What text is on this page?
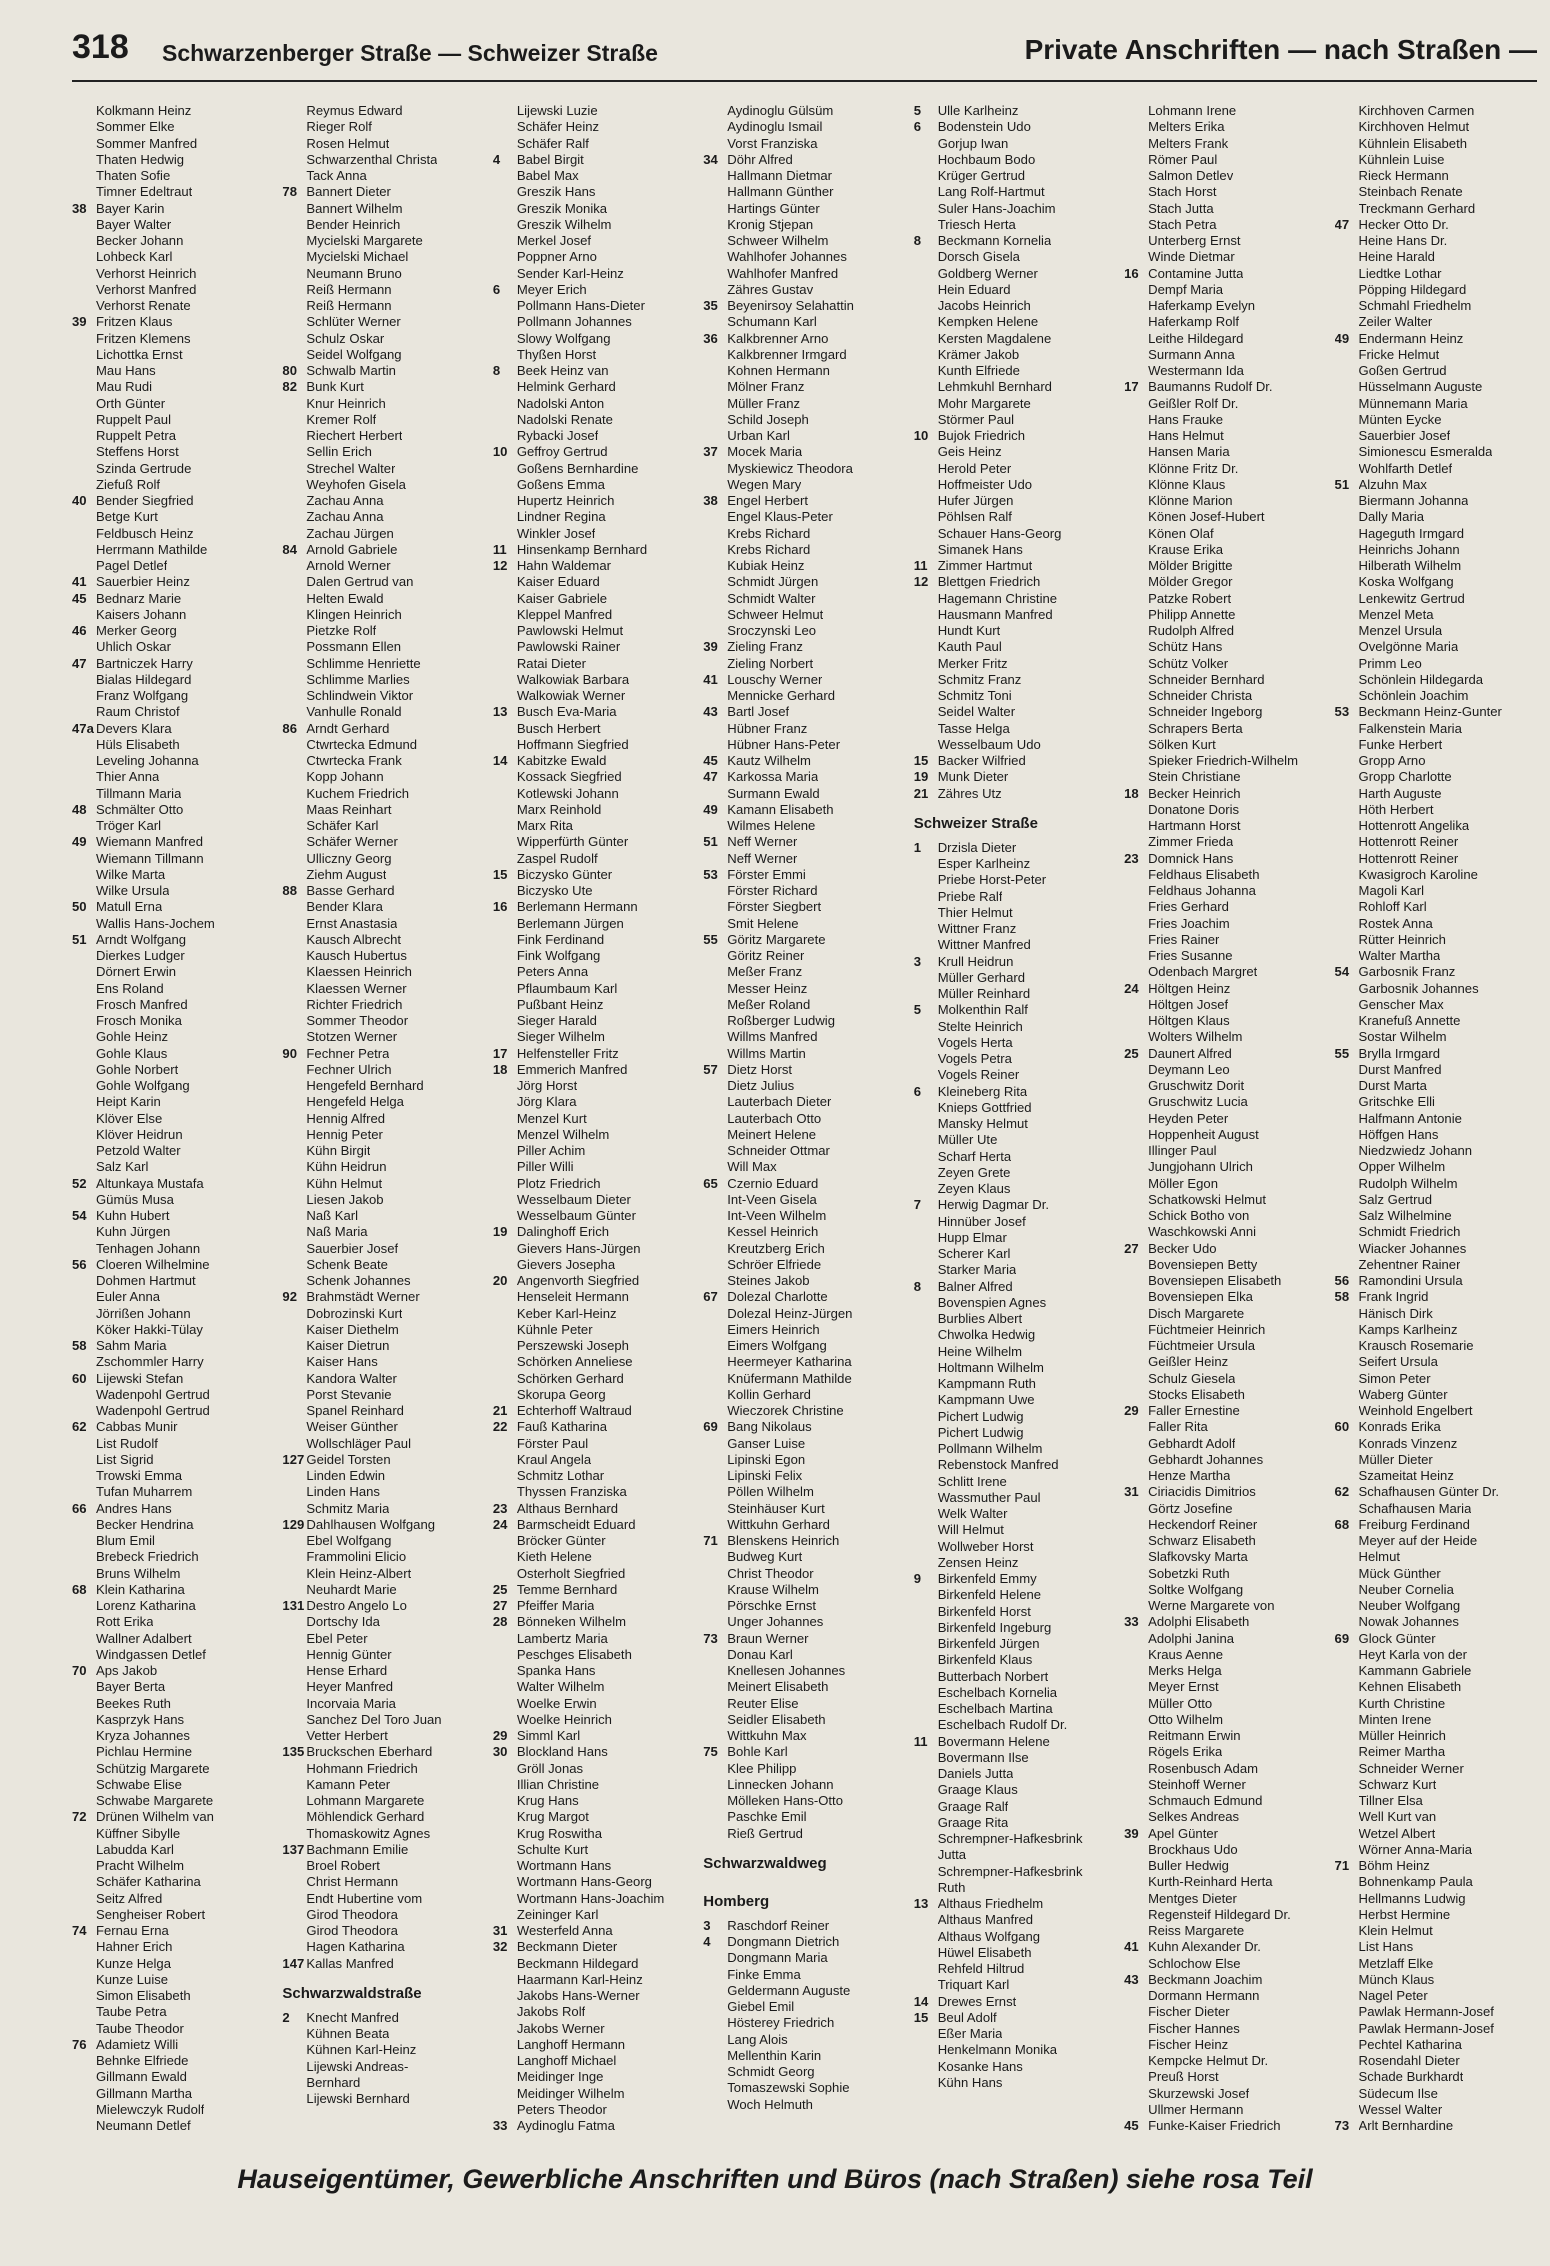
318 Schwarzenberger Straße — Schweizer Straße	Private Anschriften — nach Straßen —
Kolkmann Heinz
Sommer Elke
Sommer Manfred
Thaten Hedwig
Thaten Sofie
Timner Edeltraut
38 Bayer Karin
Bayer Walter
Becker Johann
Lohbeck Karl
Verhorst Heinrich
Verhorst Manfred
Verhorst Renate
39 Fritzen Klaus
Fritzen Klemens
Lichottka Ernst
Mau Hans
Mau Rudi
Orth Günter
Ruppelt Paul
Ruppelt Petra
Steffens Horst
Szinda Gertrude
Ziefuß Rolf
40 Bender Siegfried
Betge Kurt
Feldbusch Heinz
Herrmann Mathilde
Pagel Detlef
41 Sauerbier Heinz
45 Bednarz Marie
Kaisers Johann
46 Merker Georg
Uhlich Oskar
47 Bartniczek Harry
Bialas Hildegard
Franz Wolfgang
Raum Christof
47a Devers Klara
Hüls Elisabeth
Leveling Johanna
Thier Anna
Tillmann Maria
48 Schmälter Otto
Tröger Karl
49 Wiemann Manfred
Wiemann Tillmann
Wilke Marta
Wilke Ursula
50 Matull Erna
Wallis Hans-Jochem
51 Arndt Wolfgang
Dierkes Ludger
Dörnert Erwin
Ens Roland
Frosch Manfred
Frosch Monika
Gohle Heinz
Gohle Klaus
Gohle Norbert
Gohle Wolfgang
Heipt Karin
Klöver Else
Klöver Heidrun
Petzold Walter
Salz Karl
52 Altunkaya Mustafa
Gümüs Musa
54 Kuhn Hubert
Kuhn Jürgen
Tenhagen Johann
56 Cloeren Wilhelmine
Dohmen Hartmut
Euler Anna
Jörrißen Johann
Köker Hakki-Tülay
58 Sahm Maria
Zschommler Harry
60 Lijewski Stefan
Wadenpohl Gertrud
Wadenpohl Gertrud
62 Cabbas Munir
List Rudolf
List Sigrid
Trowski Emma
Tufan Muharrem
66 Andres Hans
Becker Hendrina
Blum Emil
Brebeck Friedrich
Bruns Wilhelm
68 Klein Katharina
Lorenz Katharina
Rott Erika
Wallner Adalbert
Windgassen Detlef
70 Aps Jakob
Bayer Berta
Beekes Ruth
Kasprzyk Hans
Kryza Johannes
Pichlau Hermine
Schützig Margarete
Schwabe Elise
Schwabe Margarete
72 Drünen Wilhelm van
Küffner Sibylle
Labudda Karl
Pracht Wilhelm
Schäfer Katharina
Seitz Alfred
Sengheiser Robert
74 Fernau Erna
Hahner Erich
Kunze Helga
Kunze Luise
Simon Elisabeth
Taube Petra
Taube Theodor
76 Adamietz Willi
Behnke Elfriede
Gillmann Ewald
Gillmann Martha
Mielewczyk Rudolf
Neumann Detlef
Reymus Edward
Rieger Rolf
Rosen Helmut
Schwarzenthal Christa
Tack Anna
78 Bannert Dieter
Bannert Wilhelm
Bender Heinrich
Mycielski Margarete
Mycielski Michael
Neumann Bruno
Reiß Hermann
Reiß Hermann
Schlüter Werner
Schulz Oskar
Seidel Wolfgang
80 Schwalb Martin
82 Bunk Kurt
Knur Heinrich
Kremer Rolf
Riechert Herbert
Sellin Erich
Strechel Walter
Weyhofen Gisela
Zachau Anna
Zachau Anna
Zachau Jürgen
84 Arnold Gabriele
Arnold Werner
Dalen Gertrud van
Helten Ewald
Klingen Heinrich
Pietzke Rolf
Possmann Ellen
Schlimme Henriette
Schlimme Marlies
Schlindwein Viktor
Vanhulle Ronald
86 Arndt Gerhard
Ctwrtecka Edmund
Ctwrtecka Frank
Kopp Johann
Kuchem Friedrich
Maas Reinhart
Schäfer Karl
Schäfer Werner
Ulliczny Georg
Ziehm August
88 Basse Gerhard
Bender Klara
Ernst Anastasia
Kausch Albrecht
Kausch Hubertus
Klaessen Heinrich
Klaessen Werner
Richter Friedrich
Sommer Theodor
Stotzen Werner
90 Fechner Petra
Fechner Ulrich
Hengefeld Bernhard
Hengefeld Helga
Hennig Alfred
Hennig Peter
Kühn Birgit
Kühn Heidrun
Kühn Helmut
Liesen Jakob
Naß Karl
Naß Maria
Sauerbier Josef
Schenk Beate
Schenk Johannes
92 Brahmstädt Werner
Dobrozinski Kurt
Kaiser Diethelm
Kaiser Dietrun
Kaiser Hans
Kandora Walter
Porst Stevanie
Spanel Reinhard
Weiser Günther
Wollschläger Paul
127 Geidel Torsten
Linden Edwin
Linden Hans
Schmitz Maria
129 Dahlhausen Wolfgang
Ebel Wolfgang
Frammolini Elicio
Klein Heinz-Albert
Neuhardt Marie
131 Destro Angelo Lo
Dortschy Ida
Ebel Peter
Hennig Günter
Hense Erhard
Heyer Manfred
Incorvaia Maria
Sanchez Del Toro Juan
Vetter Herbert
135 Bruckschen Eberhard
Hohmann Friedrich
Kamann Peter
Lohmann Margarete
Möhlendick Gerhard
Thomaskowitz Agnes
137 Bachmann Emilie
Broel Robert
Christ Hermann
Endt Hubertine vom
Girod Theodora
Girod Theodora
Hagen Katharina
147 Kallas Manfred
Schwarzwaldstraße
2	Knecht Manfred
Kühnen Beata
Kühnen Karl-Heinz
Lijewski Andreas-
Bernhard
Lijewski Bernhard
Lijewski Luzie
Schäfer Heinz
Schäfer Ralf
4	Babel Birgit
Babel Max
Greszik Hans
Greszik Monika
Greszik Wilhelm
Merkel Josef
Poppner Arno
Sender Karl-Heinz
6	Meyer Erich
Pollmann Hans-Dieter
Pollmann Johannes
Slowy Wolfgang
Thyßen Horst
8	Beek Heinz van
Helmink Gerhard
Nadolski Anton
Nadolski Renate
Rybacki Josef
10 Geffroy Gertrud
Goßens Bernhardine
Goßens Emma
Hupertz Heinrich
Lindner Regina
Winkler Josef
11 Hinsenkamp Bernhard
12 Hahn Waldemar
Kaiser Eduard
Kaiser Gabriele
Kleppel Manfred
Pawlowski Helmut
Pawlowski Rainer
Ratai Dieter
Walkowiak Barbara
Walkowiak Werner
13 Busch Eva-Maria
Busch Herbert
Hoffmann Siegfried
14 Kabitzke Ewald
Kossack Siegfried
Kotlewski Johann
Marx Reinhold
Marx Rita
Wipperfürth Günter
Zaspel Rudolf
15 Biczysko Günter
Biczysko Ute
16 Berlemann Hermann
Berlemann Jürgen
Fink Ferdinand
Fink Wolfgang
Peters Anna
Pflaumbaum Karl
Pußbant Heinz
Sieger Harald
Sieger Wilhelm
17 Helfensteller Fritz
18 Emmerich Manfred
Jörg Horst
Jörg Klara
Menzel Kurt
Menzel Wilhelm
Piller Achim
Piller Willi
Plotz Friedrich
Wesselbaum Dieter
Wesselbaum Günter
19 Dalinghoff Erich
Gievers Hans-Jürgen
Gievers Josepha
20 Angenvorth Siegfried
Henseleit Hermann
Keber Karl-Heinz
Kühnle Peter
Perszewski Joseph
Schörken Anneliese
Schörken Gerhard
Skorupa Georg
21 Echterhoff Waltraud
22 Fauß Katharina
Förster Paul
Kraul Angela
Schmitz Lothar
Thyssen Franziska
23 Althaus Bernhard
24 Barmscheidt Eduard
Bröcker Günter
Kieth Helene
Osterholt Siegfried
25 Temme Bernhard
27 Pfeiffer Maria
28 Bönneken Wilhelm
Lambertz Maria
Peschges Elisabeth
Spanka Hans
Walter Wilhelm
Woelke Erwin
Woelke Heinrich
29 Simml Karl
30 Blockland Hans
Gröll Jonas
Illian Christine
Krug Hans
Krug Margot
Krug Roswitha
Schulte Kurt
Wortmann Hans
Wortmann Hans-Georg
Wortmann Hans-Joachim
Zeininger Karl
31 Westerfeld Anna
32 Beckmann Dieter
Beckmann Hildegard
Haarmann Karl-Heinz
Jakobs Hans-Werner
Jakobs Rolf
Jakobs Werner
Langhoff Hermann
Langhoff Michael
Meidinger Inge
Meidinger Wilhelm
Peters Theodor
33 Aydinoglu Fatma
Aydinoglu Gülsüm
Aydinoglu Ismail
Vorst Franziska
34 Döhr Alfred
Hallmann Dietmar
Hallmann Günther
Hartings Günter
Kronig Stjepan
Schweer Wilhelm
Wahlhofer Johannes
Wahlhofer Manfred
Zähres Gustav
35 Beyenirsoy Selahattin
Schumann Karl
36 Kalkbrenner Arno
Kalkbrenner Irmgard
Kohnen Hermann
Mölner Franz
Müller Franz
Schild Joseph
Urban Karl
37 Mocek Maria
Myskiewicz Theodora
Wegen Mary
38 Engel Herbert
Engel Klaus-Peter
Krebs Richard
Krebs Richard
Kubiak Heinz
Schmidt Jürgen
Schmidt Walter
Schweer Helmut
Sroczynski Leo
39 Zieling Franz
Zieling Norbert
41 Louschy Werner
Mennicke Gerhard
43 Bartl Josef
Hübner Franz
Hübner Hans-Peter
45 Kautz Wilhelm
47 Karkossa Maria
Surmann Ewald
49 Kamann Elisabeth
Wilmes Helene
51 Neff Werner
Neff Werner
53 Förster Emmi
Förster Richard
Förster Siegbert
Smit Helene
55 Göritz Margarete
Göritz Reiner
Meßer Franz
Messer Heinz
Meßer Roland
Roßberger Ludwig
Willms Manfred
Willms Martin
57 Dietz Horst
Dietz Julius
Lauterbach Dieter
Lauterbach Otto
Meinert Helene
Schneider Ottmar
Will Max
65 Czernio Eduard
Int-Veen Gisela
Int-Veen Wilhelm
Kessel Heinrich
Kreutzberg Erich
Schröer Elfriede
Steines Jakob
67 Dolezal Charlotte
Dolezal Heinz-Jürgen
Eimers Heinrich
Eimers Wolfgang
Heermeyer Katharina
Knüfermann Mathilde
Kollin Gerhard
Wieczorek Christine
69 Bang Nikolaus
Ganser Luise
Lipinski Egon
Lipinski Felix
Pöllen Wilhelm
Steinhäuser Kurt
Wittkuhn Gerhard
71 Blenskens Heinrich
Budweg Kurt
Christ Theodor
Krause Wilhelm
Pörschke Ernst
Unger Johannes
73 Braun Werner
Donau Karl
Knellesen Johannes
Meinert Elisabeth
Reuter Elise
Seidler Elisabeth
Wittkuhn Max
75 Bohle Karl
Klee Philipp
Linnecken Johann
Mölleken Hans-Otto
Paschke Emil
Rieß Gertrud
Schwarzwaldweg
Homberg
3	Raschdorf Reiner
4	Dongmann Dietrich
Dongmann Maria
Finke Emma
Geldermann Auguste
Giebel Emil
Hösterey Friedrich
Lang Alois
Mellenthin Karin
Schmidt Georg
Tomaszewski Sophie
Woch Helmuth
5	Ulle Karlheinz
6	Bodenstein Udo
Gorjup Iwan
Hochbaum Bodo
Krüger Gertrud
Lang Rolf-Hartmut
Suler Hans-Joachim
Triesch Herta
8	Beckmann Kornelia
Dorsch Gisela
Goldberg Werner
Hein Eduard
Jacobs Heinrich
Kempken Helene
Kersten Magdalene
Krämer Jakob
Kunth Elfriede
Lehmkuhl Bernhard
Mohr Margarete
Störmer Paul
10 Bujok Friedrich
Geis Heinz
Herold Peter
Hoffmeister Udo
Hufer Jürgen
Pöhlsen Ralf
Schauer Hans-Georg
Simanek Hans
11 Zimmer Hartmut
12 Blettgen Friedrich
Hagemann Christine
Hausmann Manfred
Hundt Kurt
Kauth Paul
Merker Fritz
Schmitz Franz
Schmitz Toni
Seidel Walter
Tasse Helga
Wesselbaum Udo
15 Backer Wilfried
19 Munk Dieter
21 Zähres Utz
Schweizer Straße
1	Drzisla Dieter
Esper Karlheinz
Priebe Horst-Peter
Priebe Ralf
Thier Helmut
Wittner Franz
Wittner Manfred
3	Krull Heidrun
Müller Gerhard
Müller Reinhard
5	Molkenthin Ralf
Stelte Heinrich
Vogels Herta
Vogels Petra
Vogels Reiner
6	Kleineberg Rita
Knieps Gottfried
Mansky Helmut
Müller Ute
Scharf Herta
Zeyen Grete
Zeyen Klaus
7	Herwig Dagmar Dr.
Hinnüber Josef
Hupp Elmar
Scherer Karl
Starker Maria
8	Balner Alfred
Bovenspien Agnes
Burblies Albert
Chwolka Hedwig
Heine Wilhelm
Holtmann Wilhelm
Kampmann Ruth
Kampmann Uwe
Pichert Ludwig
Pichert Ludwig
Pollmann Wilhelm
Rebenstock Manfred
Schlitt Irene
Wassmuther Paul
Welk Walter
Will Helmut
Wollweber Horst
Zensen Heinz
9	Birkenfeld Emmy
Birkenfeld Helene
Birkenfeld Horst
Birkenfeld Ingeburg
Birkenfeld Jürgen
Birkenfeld Klaus
Butterbach Norbert
Eschelbach Kornelia
Eschelbach Martina
Eschelbach Rudolf Dr.
11 Bovermann Helene
Bovermann Ilse
Daniels Jutta
Graage Klaus
Graage Ralf
Graage Rita
Schrempner-Hafkesbrink
Jutta
Schrempner-Hafkesbrink
Ruth
13 Althaus Friedhelm
Althaus Manfred
Althaus Wolfgang
Hüwel Elisabeth
Rehfeld Hiltrud
Triquart Karl
14 Drewes Ernst
15 Beul Adolf
Eßer Maria
Henkelmann Monika
Kosanke Hans
Kühn Hans
Lohmann Irene
Melters Erika
Melters Frank
Römer Paul
Salmon Detlev
Stach Horst
Stach Jutta
Stach Petra
Unterberg Ernst
Winde Dietmar
16 Contamine Jutta
Dempf Maria
Haferkamp Evelyn
Haferkamp Rolf
Leithe Hildegard
Surmann Anna
Westermann Ida
17 Baumanns Rudolf Dr.
Geißler Rolf Dr.
Hans Frauke
Hans Helmut
Hansen Maria
Klönne Fritz Dr.
Klönne Klaus
Klönne Marion
Könen Josef-Hubert
Könen Olaf
Krause Erika
Mölder Brigitte
Mölder Gregor
Patzke Robert
Philipp Annette
Rudolph Alfred
Schütz Hans
Schütz Volker
Schneider Bernhard
Schneider Christa
Schneider Ingeborg
Schrapers Berta
Sölken Kurt
Spieker Friedrich-Wilhelm
Stein Christiane
18 Becker Heinrich
Donatone Doris
Hartmann Horst
Zimmer Frieda
23 Domnick Hans
Feldhaus Elisabeth
Feldhaus Johanna
Fries Gerhard
Fries Joachim
Fries Rainer
Fries Susanne
Odenbach Margret
24 Höltgen Heinz
Höltgen Josef
Höltgen Klaus
Wolters Wilhelm
25 Daunert Alfred
Deymann Leo
Gruschwitz Dorit
Gruschwitz Lucia
Heyden Peter
Hoppenheit August
Illinger Paul
Jungjohann Ulrich
Möller Egon
Schatkowski Helmut
Schick Botho von
Waschkowski Anni
27 Becker Udo
Bovensiepen Betty
Bovensiepen Elisabeth
Bovensiepen Elka
Disch Margarete
Füchtmeier Heinrich
Füchtmeier Ursula
Geißler Heinz
Schulz Giesela
Stocks Elisabeth
29 Faller Ernestine
Faller Rita
Gebhardt Adolf
Gebhardt Johannes
Henze Martha
31 Ciriacidis Dimitrios
Görtz Josefine
Heckendorf Reiner
Schwarz Elisabeth
Slafkovsky Marta
Sobetzki Ruth
Soltke Wolfgang
Werne Margarete von
33 Adolphi Elisabeth
Adolphi Janina
Kraus Aenne
Merks Helga
Meyer Ernst
Müller Otto
Otto Wilhelm
Reitmann Erwin
Rögels Erika
Rosenbusch Adam
Steinhoff Werner
Schmauch Edmund
Selkes Andreas
39 Apel Günter
Brockhaus Udo
Buller Hedwig
Kurth-Reinhard Herta
Mentges Dieter
Regensteif Hildegard Dr.
Reiss Margarete
41 Kuhn Alexander Dr.
Schlochow Else
43 Beckmann Joachim
Dormann Hermann
Fischer Dieter
Fischer Hannes
Fischer Heinz
Kempcke Helmut Dr.
Preuß Horst
Skurzewski Josef
Ullmer Hermann
45 Funke-Kaiser Friedrich
Kirchhoven Carmen
Kirchhoven Helmut
Kühnlein Elisabeth
Kühnlein Luise
Rieck Hermann
Steinbach Renate
Treckmann Gerhard
47 Hecker Otto Dr.
Heine Hans Dr.
Heine Harald
Liedtke Lothar
Pöpping Hildegard
Schmahl Friedhelm
Zeiler Walter
49 Endermann Heinz
Fricke Helmut
Goßen Gertrud
Hüsselmann Auguste
Münnemann Maria
Münten Eycke
Sauerbier Josef
Simionescu Esmeralda
Wohlfarth Detlef
51 Alzuhn Max
Biermann Johanna
Dally Maria
Hageguth Irmgard
Heinrichs Johann
Hilberath Wilhelm
Koska Wolfgang
Lenkewitz Gertrud
Menzel Meta
Menzel Ursula
Ovelgönne Maria
Primm Leo
Schönlein Hildegarda
Schönlein Joachim
53 Beckmann Heinz-Gunter
Falkenstein Maria
Funke Herbert
Gropp Arno
Gropp Charlotte
Harth Auguste
Höth Herbert
Hottenrott Angelika
Hottenrott Reiner
Hottenrott Reiner
Kwasigroch Karoline
Magoli Karl
Rohloff Karl
Rostek Anna
Rütter Heinrich
Walter Martha
54 Garbosnik Franz
Garbosnik Johannes
Genscher Max
Kranefuß Annette
Sostar Wilhelm
55 Brylla Irmgard
Durst Manfred
Durst Marta
Gritschke Elli
Halfmann Antonie
Höffgen Hans
Niedzwiedz Johann
Opper Wilhelm
Rudolph Wilhelm
Salz Gertrud
Salz Wilhelmine
Schmidt Friedrich
Wiacker Johannes
Zehentner Rainer
56 Ramondini Ursula
58 Frank Ingrid
Hänisch Dirk
Kamps Karlheinz
Krausch Rosemarie
Seifert Ursula
Simon Peter
Waberg Günter
Weinhold Engelbert
60 Konrads Erika
Konrads Vinzenz
Müller Dieter
Szameitat Heinz
62 Schafhausen Günter Dr.
Schafhausen Maria
68 Freiburg Ferdinand
Meyer auf der Heide
Helmut
Mück Günther
Neuber Cornelia
Neuber Wolfgang
Nowak Johannes
69 Glock Günter
Heyt Karla von der
Kammann Gabriele
Kehnen Elisabeth
Kurth Christine
Minten Irene
Müller Heinrich
Reimer Martha
Schneider Werner
Schwarz Kurt
Tillner Elsa
Well Kurt van
Wetzel Albert
Wörner Anna-Maria
71 Böhm Heinz
Bohnenkamp Paula
Hellmanns Ludwig
Herbst Hermine
Klein Helmut
List Hans
Metzlaff Elke
Münch Klaus
Nagel Peter
Pawlak Hermann-Josef
Pawlak Hermann-Josef
Pechtel Katharina
Rosendahl Dieter
Schade Burkhardt
Südecum Ilse
Wessel Walter
73 Arlt Bernhardine
Hauseigentümer, Gewerbliche Anschriften und Büros (nach Straßen) siehe rosa Teil
